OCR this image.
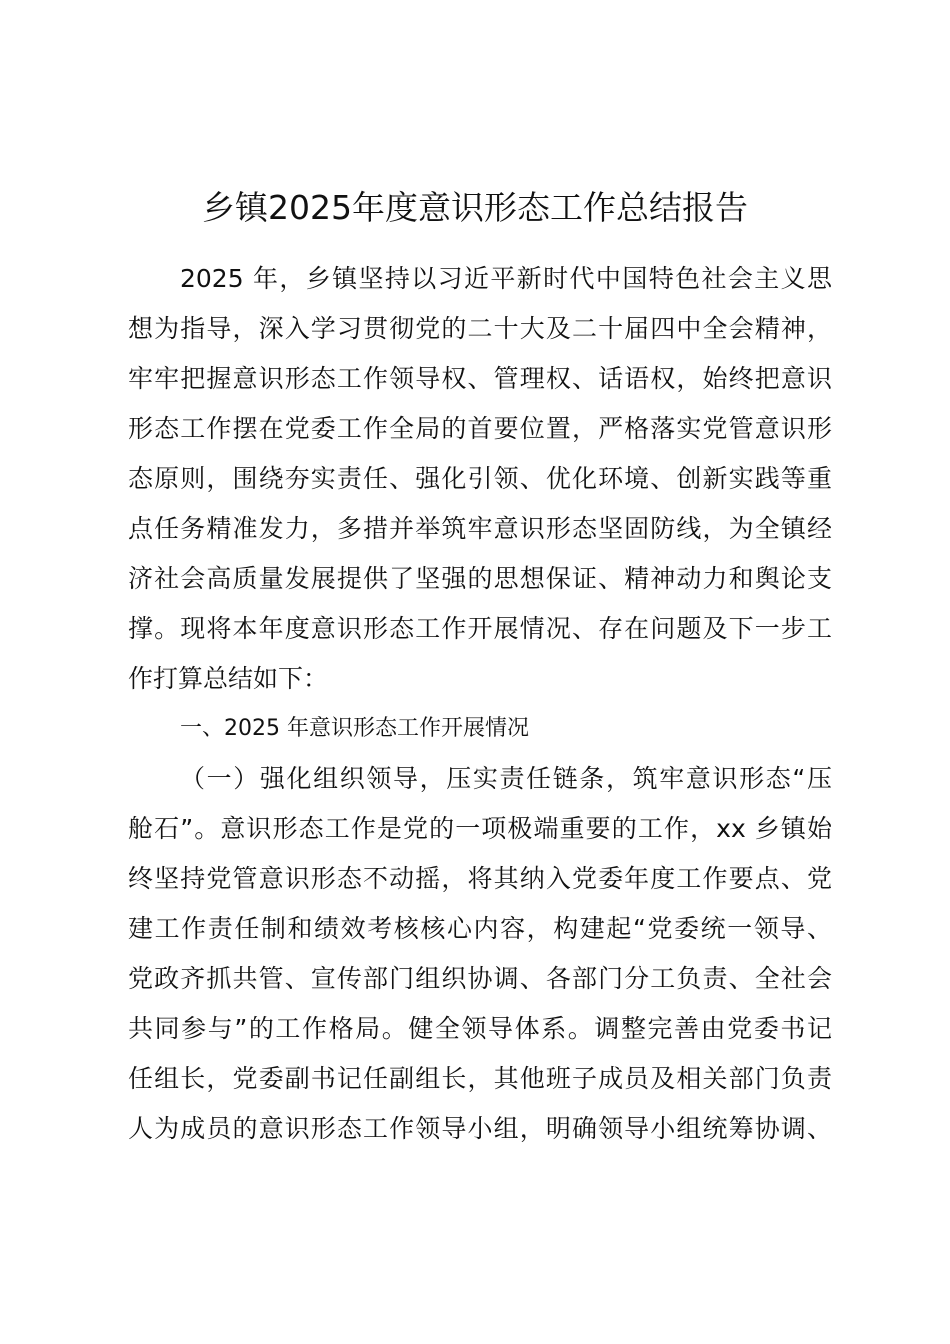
乡镇2025年度意识形态工作总结报告
2025 年，乡镇坚持以习近平新时代中国特色社会主义思
想为指导，深入学习贯彻党的二十大及二十届四中全会精神，
牢牢把握意识形态工作领导权、管理权、话语权，始终把意识
形态工作摆在党委工作全局的首要位置，严格落实党管意识形
态原则，围绕夯实责任、强化引领、优化环境、创新实践等重
点任务精准发力，多措并举筑牢意识形态坚固防线，为全镇经
济社会高质量发展提供了坚强的思想保证、精神动力和舆论支
撑。现将本年度意识形态工作开展情况、存在问题及下一步工
作打算总结如下：
一、2025 年意识形态工作开展情况
（一）强化组织领导，压实责任链条，筑牢意识形态“压
舱石”。意识形态工作是党的一项极端重要的工作，xx 乡镇始
终坚持党管意识形态不动摇，将其纳入党委年度工作要点、党
建工作责任制和绩效考核核心内容，构建起“党委统一领导、
党政齐抓共管、宣传部门组织协调、各部门分工负责、全社会
共同参与”的工作格局。健全领导体系。调整完善由党委书记
任组长，党委副书记任副组长，其他班子成员及相关部门负责
人为成员的意识形态工作领导小组，明确领导小组统筹协调、
